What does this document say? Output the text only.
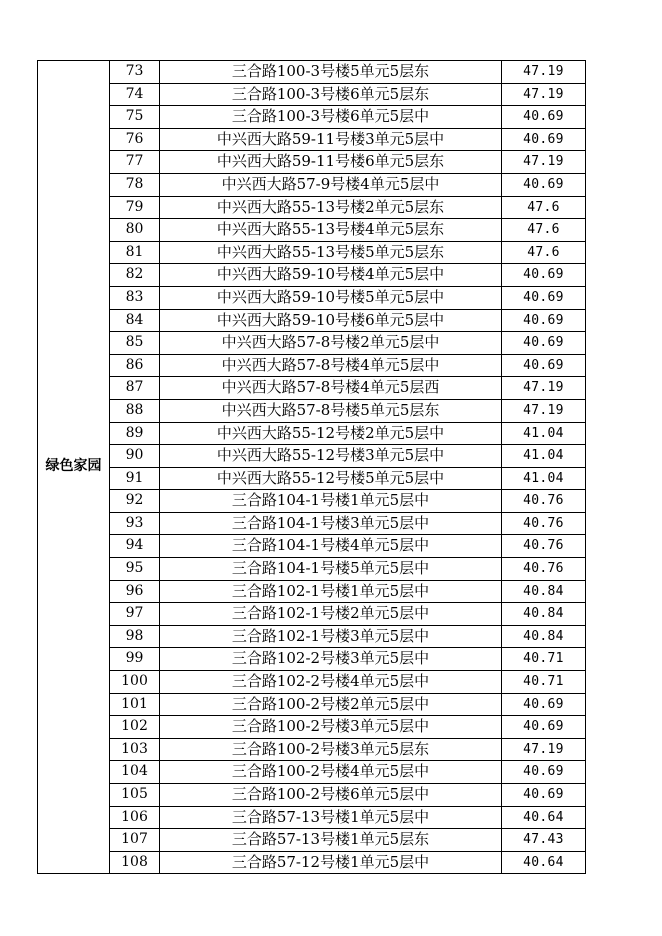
绿色家园	73	三合路100-3号楼5单元5层东	47.19
	74	三合路100-3号楼6单元5层东	47.19
	75	三合路100-3号楼6单元5层中	40.69
	76	中兴西大路59-11号楼3单元5层中	40.69
	77	中兴西大路59-11号楼6单元5层东	47.19
	78	中兴西大路57-9号楼4单元5层中	40.69
	79	中兴西大路55-13号楼2单元5层东	47.6
	80	中兴西大路55-13号楼4单元5层东	47.6
	81	中兴西大路55-13号楼5单元5层东	47.6
	82	中兴西大路59-10号楼4单元5层中	40.69
	83	中兴西大路59-10号楼5单元5层中	40.69
	84	中兴西大路59-10号楼6单元5层中	40.69
	85	中兴西大路57-8号楼2单元5层中	40.69
	86	中兴西大路57-8号楼4单元5层中	40.69
	87	中兴西大路57-8号楼4单元5层西	47.19
	88	中兴西大路57-8号楼5单元5层东	47.19
	89	中兴西大路55-12号楼2单元5层中	41.04
	90	中兴西大路55-12号楼3单元5层中	41.04
	91	中兴西大路55-12号楼5单元5层中	41.04
	92	三合路104-1号楼1单元5层中	40.76
	93	三合路104-1号楼3单元5层中	40.76
	94	三合路104-1号楼4单元5层中	40.76
	95	三合路104-1号楼5单元5层中	40.76
	96	三合路102-1号楼1单元5层中	40.84
	97	三合路102-1号楼2单元5层中	40.84
	98	三合路102-1号楼3单元5层中	40.84
	99	三合路102-2号楼3单元5层中	40.71
	100	三合路102-2号楼4单元5层中	40.71
	101	三合路100-2号楼2单元5层中	40.69
	102	三合路100-2号楼3单元5层中	40.69
	103	三合路100-2号楼3单元5层东	47.19
	104	三合路100-2号楼4单元5层中	40.69
	105	三合路100-2号楼6单元5层中	40.69
	106	三合路57-13号楼1单元5层中	40.64
	107	三合路57-13号楼1单元5层东	47.43
	108	三合路57-12号楼1单元5层中	40.64
